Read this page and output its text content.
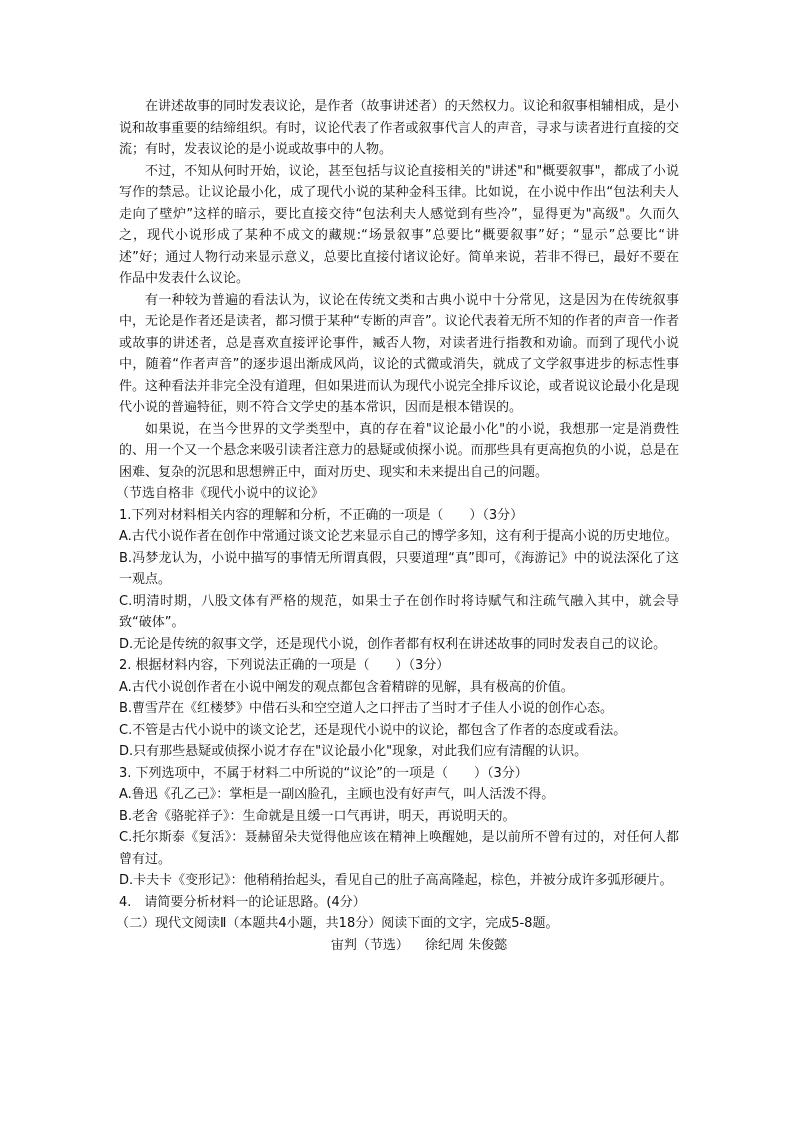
在讲述故事的同时发表议论，是作者（故事讲述者）的天然权力。议论和叙事相辅相成，是小说和故事重要的结缔组织。有时，议论代表了作者或叙事代言人的声音，寻求与读者进行直接的交流；有时，发表议论的是小说或故事中的人物。

不过，不知从何时开始，议论，甚至包括与议论直接相关的"讲述"和"概要叙事"，都成了小说写作的禁忌。让议论最小化，成了现代小说的某种金科玉律。比如说，在小说中作出“包法利夫人走向了壁炉”这样的暗示，要比直接交待“包法利夫人感觉到有些冷”，显得更为"高级"。久而久之，现代小说形成了某种不成文的藏规:“场景叙事”总要比“概要叙事”好；“显示”总要比“讲述”好；通过人物行动来显示意义，总要比直接付诸议论好。简单来说，若非不得已，最好不要在作品中发表什么议论。

有一种较为普遍的看法认为，议论在传统文类和古典小说中十分常见，这是因为在传统叙事中，无论是作者还是读者，都习惯于某种“专断的声音”。议论代表着无所不知的作者的声音一作者或故事的讲述者，总是喜欢直接评论事件，臧否人物，对读者进行指教和劝谕。而到了现代小说中，随着“作者声音”的逐步退出渐成风尚，议论的式微或消失，就成了文学叙事进步的标志性事件。这种看法并非完全没有道理，但如果进而认为现代小说完全排斥议论，或者说议论最小化是现代小说的普遍特征，则不符合文学史的基本常识，因而是根本错误的。

如果说，在当今世界的文学类型中，真的存在着"议论最小化"的小说，我想那一定是消费性的、用一个又一个悬念来吸引读者注意力的悬疑或侦探小说。而那些具有更高抱负的小说，总是在困难、复杂的沉思和思想辨正中，面对历史、现实和未来提出自己的问题。

（节选自格非《现代小说中的议论》

1.下列对材料相关内容的理解和分析，不正确的一项是（　　）（3分）

A.古代小说作者在创作中常通过谈文论艺来显示自己的博学多知，这有利于提高小说的历史地位。

B.冯梦龙认为，小说中描写的事情无所谓真假，只要道理“真”即可，《海游记》中的说法深化了这一观点。

C.明清时期，八股文体有严格的规范，如果士子在创作时将诗赋气和注疏气融入其中，就会导致“破体”。

D.无论是传统的叙事文学，还是现代小说，创作者都有权利在讲述故事的同时发表自己的议论。

2. 根据材料内容，下列说法正确的一项是（　　）（3分）

A.古代小说创作者在小说中阐发的观点都包含着精辟的见解，具有极高的价值。

B.曹雪芹在《红楼梦》中借石头和空空道人之口抨击了当时才子佳人小说的创作心态。

C.不管是古代小说中的谈文论艺，还是现代小说中的议论，都包含了作者的态度或看法。

D.只有那些悬疑或侦探小说才存在"议论最小化"现象，对此我们应有清醒的认识。

3. 下列选项中，不属于材料二中所说的“议论”的一项是（　　）（3分）

A.鲁迅《孔乙己》：掌柜是一副凶脸孔，主顾也没有好声气，叫人活泼不得。

B.老舍《骆驼祥子》：生命就是且缓一口气再讲，明天，再说明天的。

C.托尔斯泰《复活》：聂赫留朵夫觉得他应该在精神上唤醒她，是以前所不曾有过的，对任何人都曾有过。

D.卡夫卡《变形记》：他稍稍抬起头，看见自己的肚子高高隆起，棕色，并被分成许多弧形硬片。

4.　请简要分析材料一的论证思路。(4分）

（二）现代文阅读Ⅱ（本题共4小题，共18分）阅读下面的文字，完成5-8题。

宙判（节选） 徐纪周 朱俊懿
